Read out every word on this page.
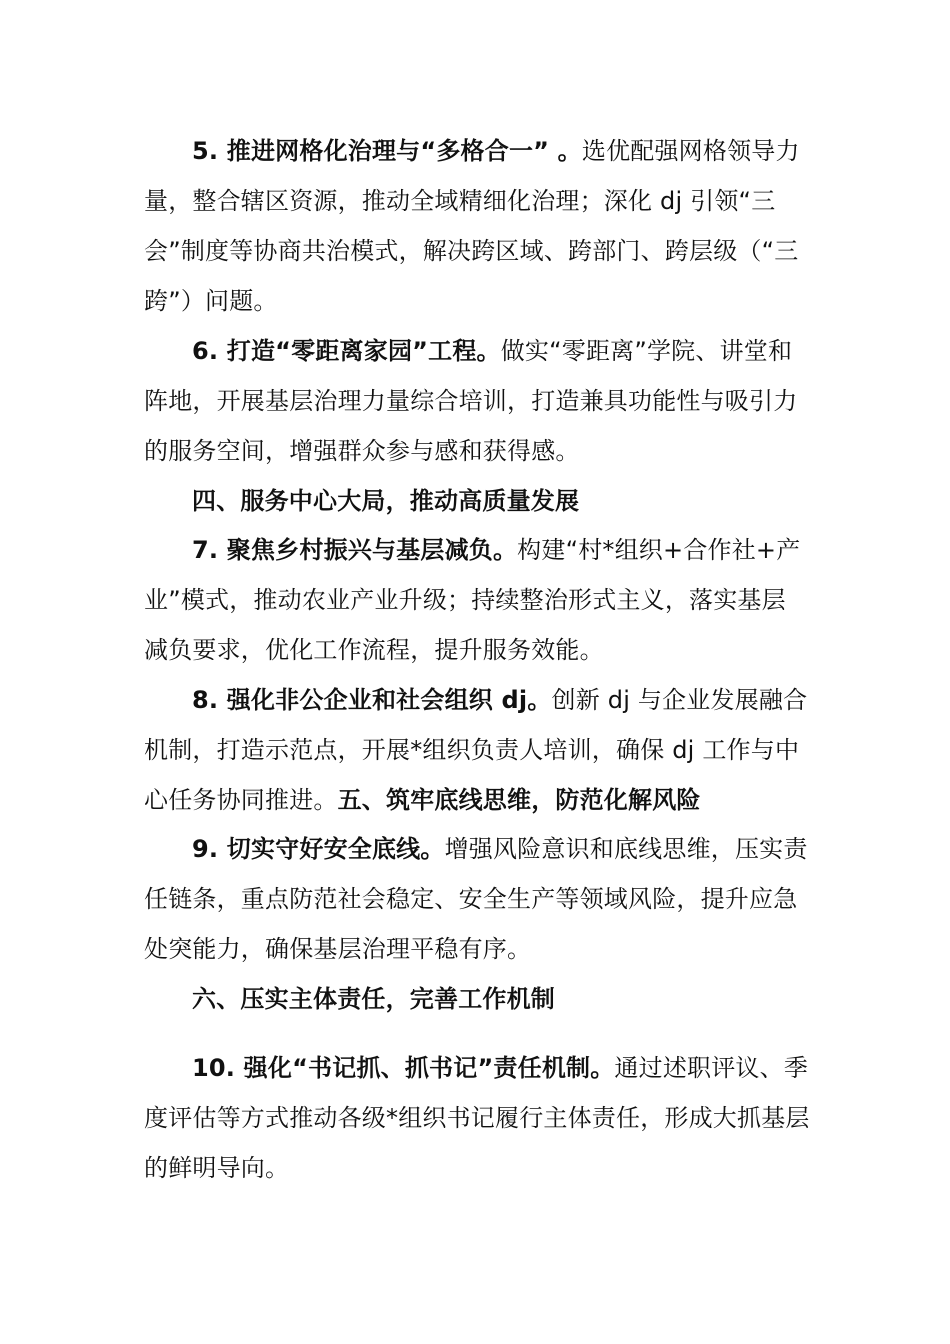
5. 推进网格化治理与“多格合一” 。选优配强网格领导力量，整合辖区资源，推动全域精细化治理；深化 dj 引领“三会”制度等协商共治模式，解决跨区域、跨部门、跨层级（“三跨”）问题。

6. 打造“零距离家园”工程。做实“零距离”学院、讲堂和阵地，开展基层治理力量综合培训，打造兼具功能性与吸引力的服务空间，增强群众参与感和获得感。

四、服务中心大局，推动高质量发展

7. 聚焦乡村振兴与基层减负。构建“村*组织+合作社+产业”模式，推动农业产业升级；持续整治形式主义，落实基层减负要求，优化工作流程，提升服务效能。

8. 强化非公企业和社会组织 dj。创新 dj 与企业发展融合机制，打造示范点，开展*组织负责人培训，确保 dj 工作与中心任务协同推进。五、筑牢底线思维，防范化解风险

9. 切实守好安全底线。增强风险意识和底线思维，压实责任链条，重点防范社会稳定、安全生产等领域风险，提升应急处突能力，确保基层治理平稳有序。

六、压实主体责任，完善工作机制

10. 强化“书记抓、抓书记”责任机制。通过述职评议、季度评估等方式推动各级*组织书记履行主体责任，形成大抓基层的鲜明导向。
